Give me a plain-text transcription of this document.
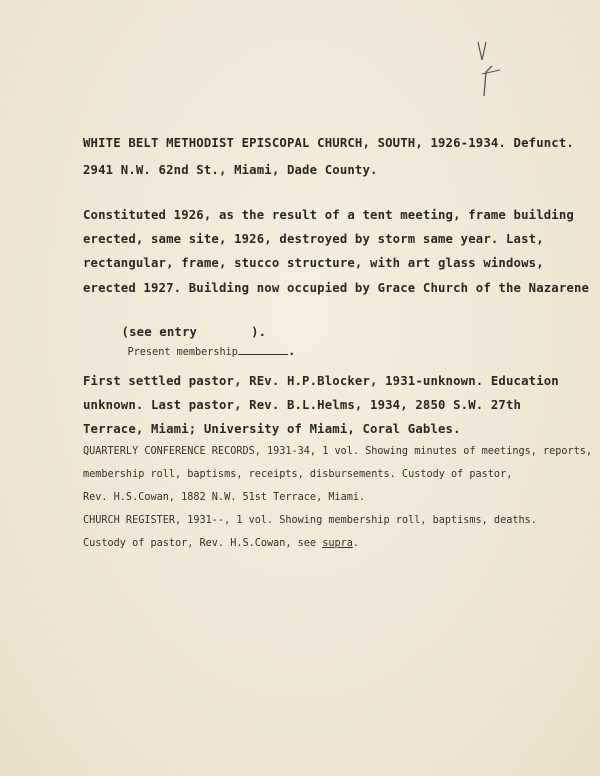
WHITE BELT METHODIST EPISCOPAL CHURCH, SOUTH, 1926-1934. Defunct.
2941 N.W. 62nd St., Miami, Dade County.
Constituted 1926, as the result of a tent meeting, frame building
erected, same site, 1926, destroyed by storm same year. Last,
rectangular, frame, stucco structure, with art glass windows,
erected 1927. Building now occupied by Grace Church of the Nazarene

(see entry	).
Present membership	.

First settled pastor, REv. H.P.Blocker, 1931-unknown. Education
unknown. Last pastor, Rev. B.L.Helms, 1934, 2850 S.W. 27th
Terrace, Miami; University of Miami, Coral Gables.
QUARTERLY CONFERENCE RECORDS, 1931-34, 1 vol. Showing minutes of meetings, reports,
membership roll, baptisms, receipts, disbursements. Custody of pastor,
Rev. H.S.Cowan, 1882 N.W. 51st Terrace, Miami.
CHURCH REGISTER, 1931--, 1 vol. Showing membership roll, baptisms, deaths.
Custody of pastor, Rev. H.S.Cowan, see supra.
